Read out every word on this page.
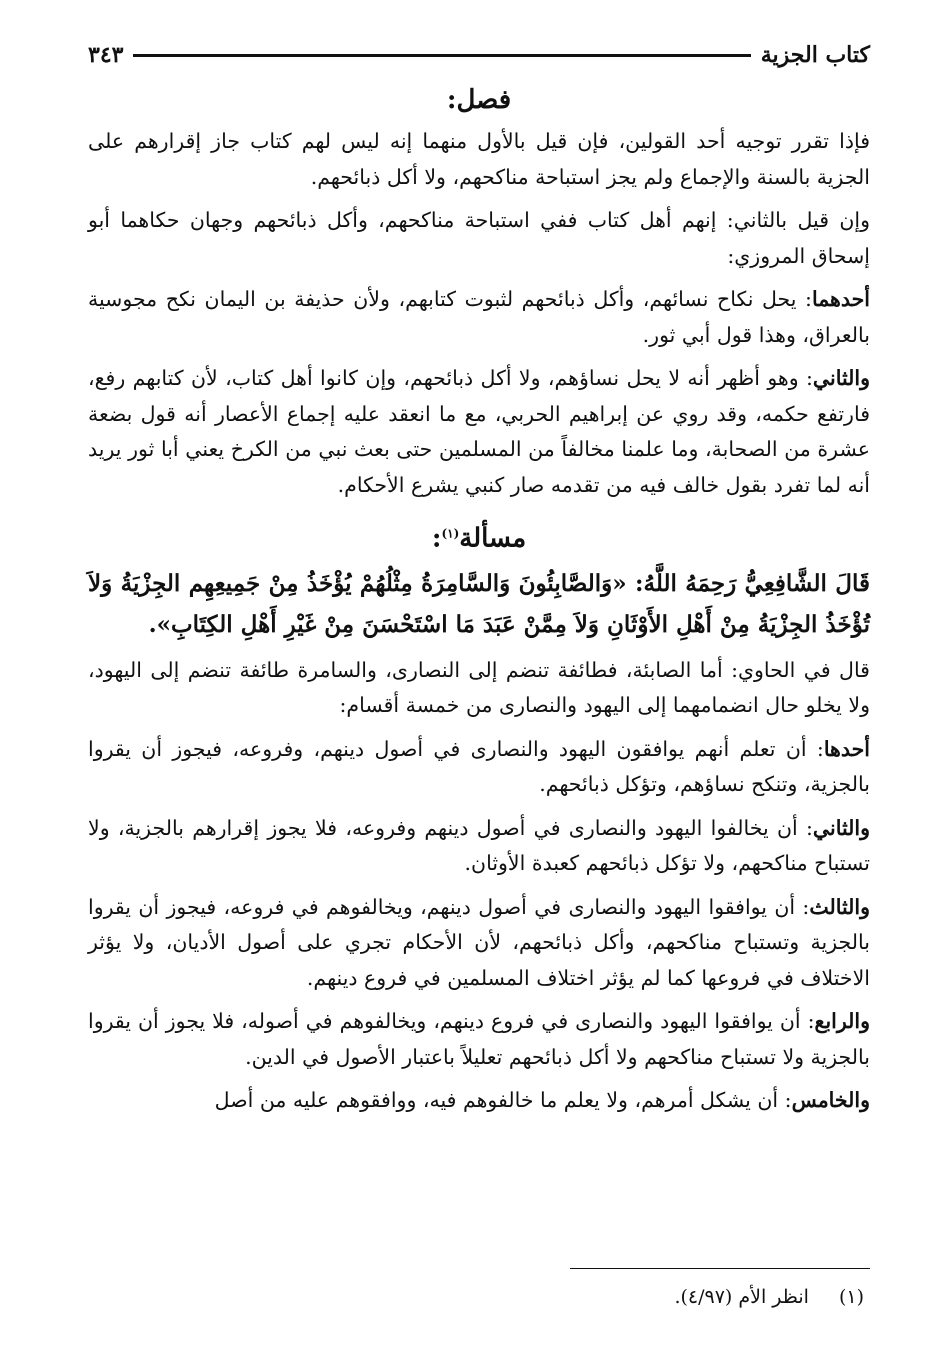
كتاب الجزية
٣٤٣
فصل:

فإذا تقرر توجيه أحد القولين، فإن قيل بالأول منهما إنه ليس لهم كتاب جاز إقرارهم على الجزية بالسنة والإجماع ولم يجز استباحة مناكحهم، ولا أكل ذبائحهم.

وإن قيل بالثاني: إنهم أهل كتاب ففي استباحة مناكحهم، وأكل ذبائحهم وجهان حكاهما أبو إسحاق المروزي:

أحدهما: يحل نكاح نسائهم، وأكل ذبائحهم لثبوت كتابهم، ولأن حذيفة بن اليمان نكح مجوسية بالعراق، وهذا قول أبي ثور.

والثاني: وهو أظهر أنه لا يحل نساؤهم، ولا أكل ذبائحهم، وإن كانوا أهل كتاب، لأن كتابهم رفع، فارتفع حكمه، وقد روي عن إبراهيم الحربي، مع ما انعقد عليه إجماع الأعصار أنه قول بضعة عشرة من الصحابة، وما علمنا مخالفاً من المسلمين حتى بعث نبي من الكرخ يعني أبا ثور يريد أنه لما تفرد بقول خالف فيه من تقدمه صار كنبي يشرع الأحكام.

مسألة$^{(١)}$:
قَالَ الشَّافِعِيُّ رَحِمَهُ اللَّهُ: «وَالصَّابِئُونَ وَالسَّامِرَةُ مِثْلُهُمْ يُؤْخَذُ مِنْ جَمِيعِهِم الجِزْيَةُ وَلاَ تُؤْخَذُ الجِزْيَةُ مِنْ أَهْلِ الأَوْثَانِ وَلاَ مِمَّنْ عَبَدَ مَا اسْتَحْسَنَ مِنْ غَيْرِ أَهْلِ الكِتَابِ».

قال في الحاوي: أما الصابئة، فطائفة تنضم إلى النصارى، والسامرة طائفة تنضم إلى اليهود، ولا يخلو حال انضمامهما إلى اليهود والنصارى من خمسة أقسام:

أحدها: أن تعلم أنهم يوافقون اليهود والنصارى في أصول دينهم، وفروعه، فيجوز أن يقروا بالجزية، وتنكح نساؤهم، وتؤكل ذبائحهم.

والثاني: أن يخالفوا اليهود والنصارى في أصول دينهم وفروعه، فلا يجوز إقرارهم بالجزية، ولا تستباح مناكحهم، ولا تؤكل ذبائحهم كعبدة الأوثان.

والثالث: أن يوافقوا اليهود والنصارى في أصول دينهم، ويخالفوهم في فروعه، فيجوز أن يقروا بالجزية وتستباح مناكحهم، وأكل ذبائحهم، لأن الأحكام تجري على أصول الأديان، ولا يؤثر الاختلاف في فروعها كما لم يؤثر اختلاف المسلمين في فروع دينهم.

والرابع: أن يوافقوا اليهود والنصارى في فروع دينهم، ويخالفوهم في أصوله، فلا يجوز أن يقروا بالجزية ولا تستباح مناكحهم ولا أكل ذبائحهم تعليلاً باعتبار الأصول في الدين.

والخامس: أن يشكل أمرهم، ولا يعلم ما خالفوهم فيه، ووافقوهم عليه من أصل

(١)
انظر الأم (٤/٩٧).
